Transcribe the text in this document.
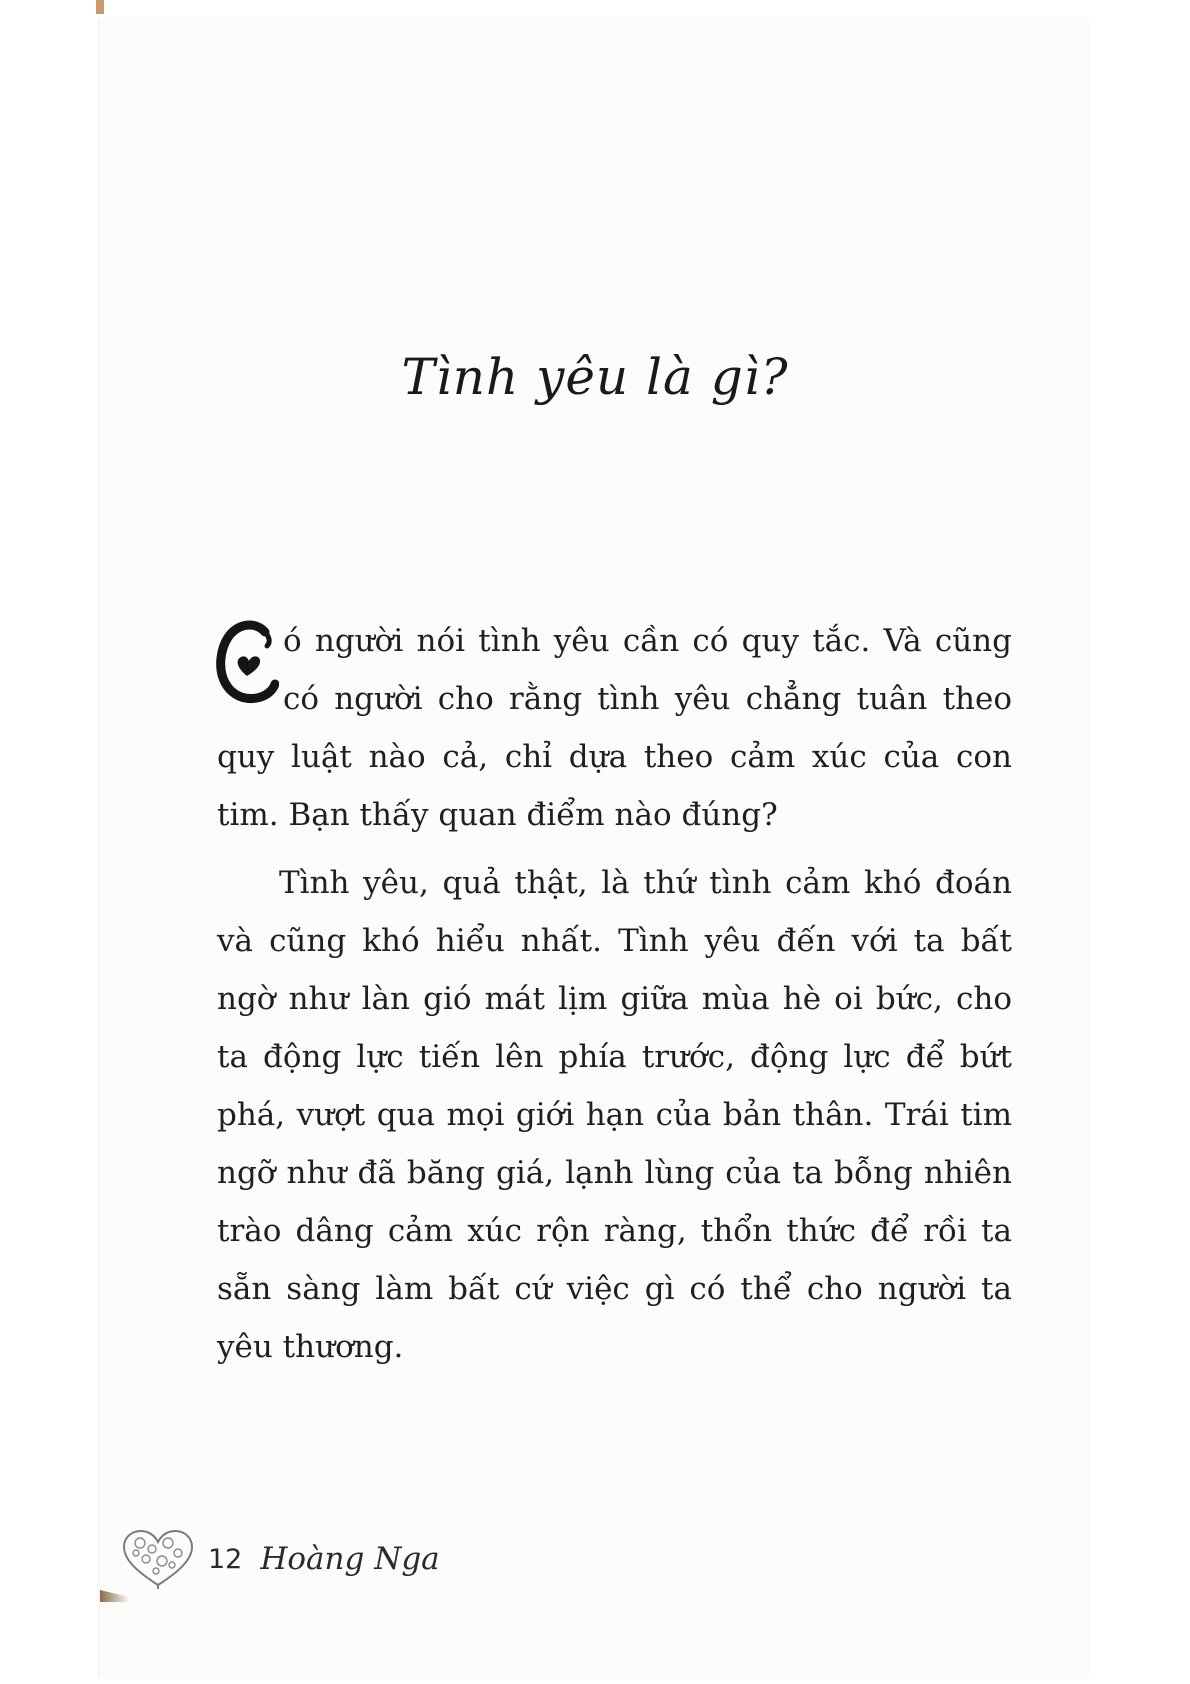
Tình yêu là gì?

ó người nói tình yêu cần có quy tắc. Và cũng có người cho rằng tình yêu chẳng tuân theo quy luật nào cả, chỉ dựa theo cảm xúc của con tim. Bạn thấy quan điểm nào đúng?

Tình yêu, quả thật, là thứ tình cảm khó đoán và cũng khó hiểu nhất. Tình yêu đến với ta bất ngờ như làn gió mát lịm giữa mùa hè oi bức, cho ta động lực tiến lên phía trước, động lực để bứt phá, vượt qua mọi giới hạn của bản thân. Trái tim ngỡ như đã băng giá, lạnh lùng của ta bỗng nhiên trào dâng cảm xúc rộn ràng, thổn thức để rồi ta sẵn sàng làm bất cứ việc gì có thể cho người ta yêu thương.

12 Hoàng Nga
